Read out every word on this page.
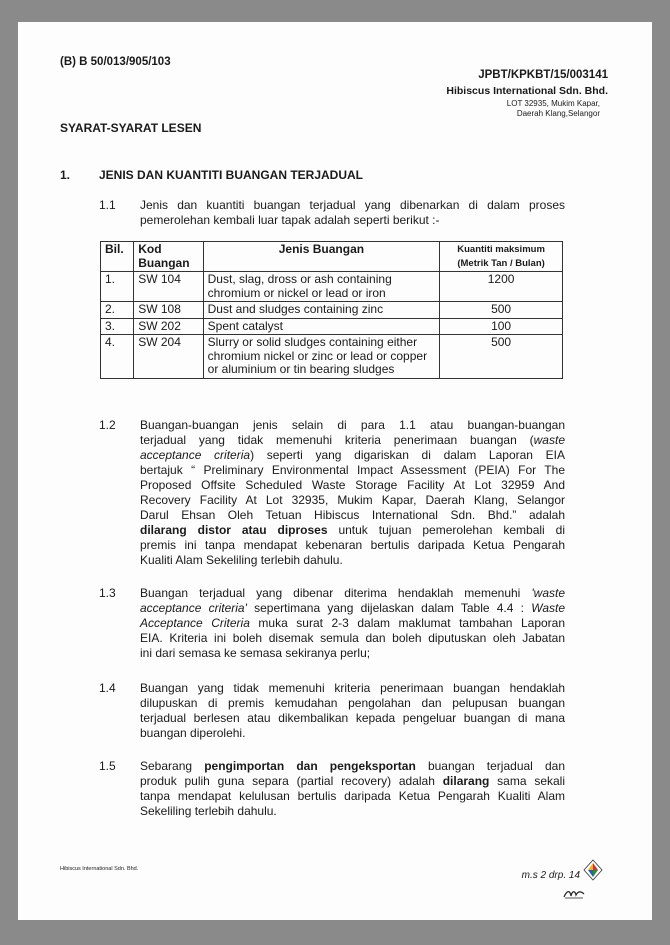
(B) B 50/013/905/103
JPBT/KPKBT/15/003141
Hibiscus International Sdn. Bhd.
LOT 32935, Mukim Kapar,
Daerah Klang,Selangor
SYARAT-SYARAT LESEN
1. JENIS DAN KUANTITI BUANGAN TERJADUAL
1.1 Jenis dan kuantiti buangan terjadual yang dibenarkan di dalam proses
pemerolehan kembali luar tapak adalah seperti berikut :-
Bil.	Kod Buangan	Jenis Buangan	Kuantiti maksimum (Metrik Tan / Bulan)
1.	SW 104	Dust, slag, dross or ash containing chromium or nickel or lead or iron	1200
2.	SW 108	Dust and sludges containing zinc	500
3.	SW 202	Spent catalyst	100
4.	SW 204	Slurry or solid sludges containing either chromium nickel or zinc or lead or copper or aluminium or tin bearing sludges	500
1.2 Buangan-buangan jenis selain di para 1.1 atau buangan-buangan
terjadual yang tidak memenuhi kriteria penerimaan buangan (waste
acceptance criteria) seperti yang digariskan di dalam Laporan EIA
bertajuk “ Preliminary Environmental Impact Assessment (PEIA) For The
Proposed Offsite Scheduled Waste Storage Facility At Lot 32959 And
Recovery Facility At Lot 32935, Mukim Kapar, Daerah Klang, Selangor
Darul Ehsan Oleh Tetuan Hibiscus International Sdn. Bhd.” adalah
dilarang distor atau diproses untuk tujuan pemerolehan kembali di
premis ini tanpa mendapat kebenaran bertulis daripada Ketua Pengarah
Kualiti Alam Sekeliling terlebih dahulu.
1.3 Buangan terjadual yang dibenar diterima hendaklah memenuhi 'waste
acceptance criteria' sepertimana yang dijelaskan dalam Table 4.4 : Waste
Acceptance Criteria muka surat 2-3 dalam maklumat tambahan Laporan
EIA. Kriteria ini boleh disemak semula dan boleh diputuskan oleh Jabatan
ini dari semasa ke semasa sekiranya perlu;
1.4 Buangan yang tidak memenuhi kriteria penerimaan buangan hendaklah
dilupuskan di premis kemudahan pengolahan dan pelupusan buangan
terjadual berlesen atau dikembalikan kepada pengeluar buangan di mana
buangan diperolehi.
1.5 Sebarang pengimportan dan pengeksportan buangan terjadual dan
produk pulih guna separa (partial recovery) adalah dilarang sama sekali
tanpa mendapat kelulusan bertulis daripada Ketua Pengarah Kualiti Alam
Sekeliling terlebih dahulu.
Hibiscus International Sdn. Bhd.
m.s 2 drp. 14
